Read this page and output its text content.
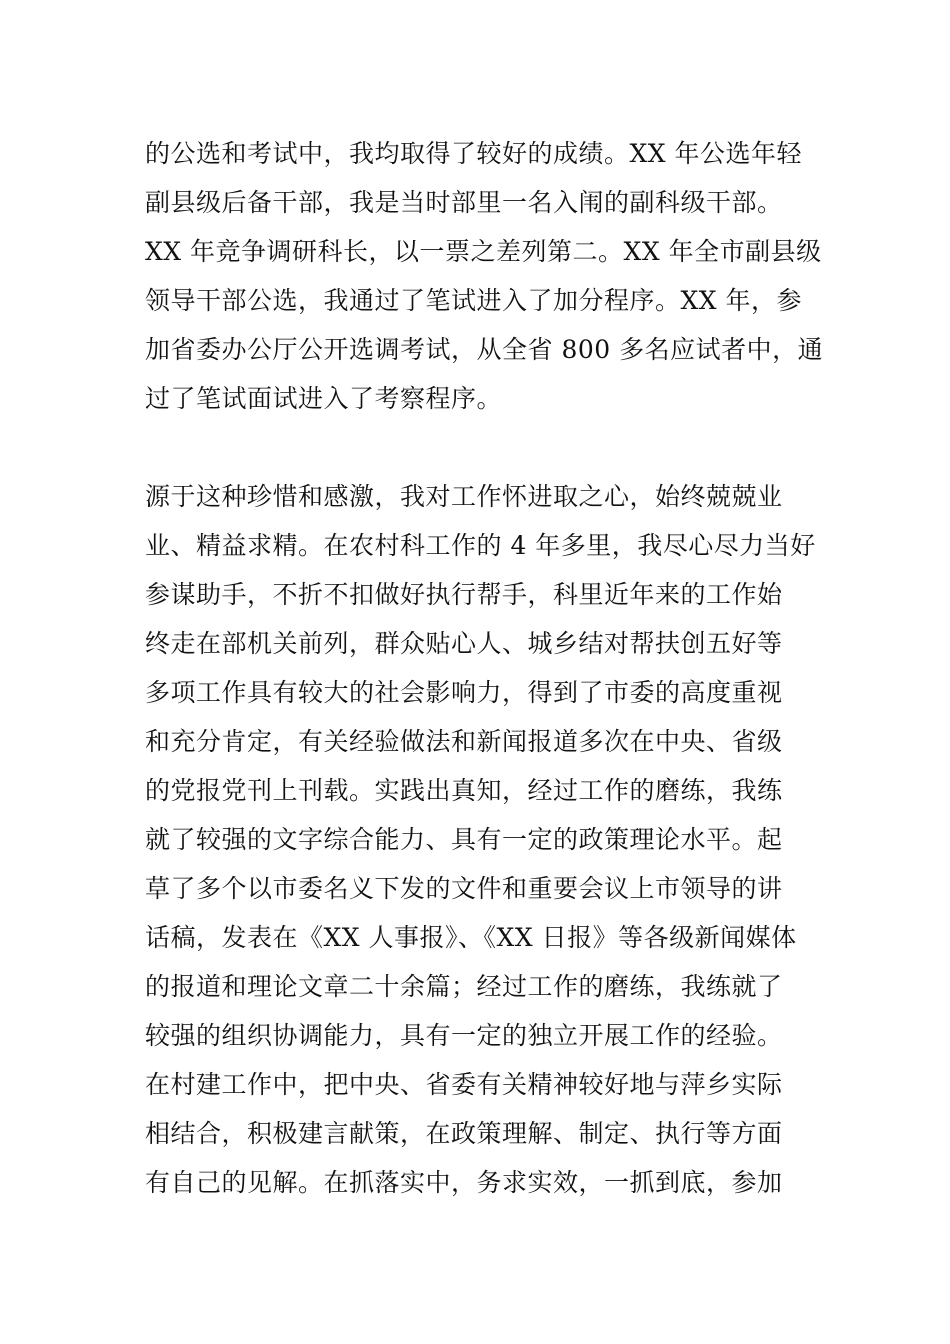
的公选和考试中，我均取得了较好的成绩。XX 年公选年轻
副县级后备干部，我是当时部里一名入闱的副科级干部。
XX 年竞争调研科长，以一票之差列第二。XX 年全市副县级
领导干部公选，我通过了笔试进入了加分程序。XX 年，参
加省委办公厅公开选调考试，从全省 800 多名应试者中，通
过了笔试面试进入了考察程序。
源于这种珍惜和感激，我对工作怀进取之心，始终兢兢业
业、精益求精。在农村科工作的 4 年多里，我尽心尽力当好
参谋助手，不折不扣做好执行帮手，科里近年来的工作始
终走在部机关前列，群众贴心人、城乡结对帮扶创五好等
多项工作具有较大的社会影响力，得到了市委的高度重视
和充分肯定，有关经验做法和新闻报道多次在中央、省级
的党报党刊上刊载。实践出真知，经过工作的磨练，我练
就了较强的文字综合能力、具有一定的政策理论水平。起
草了多个以市委名义下发的文件和重要会议上市领导的讲
话稿，发表在《XX 人事报》、《XX 日报》等各级新闻媒体
的报道和理论文章二十余篇；经过工作的磨练，我练就了
较强的组织协调能力，具有一定的独立开展工作的经验。
在村建工作中，把中央、省委有关精神较好地与萍乡实际
相结合，积极建言献策，在政策理解、制定、执行等方面
有自己的见解。在抓落实中，务求实效，一抓到底，参加
